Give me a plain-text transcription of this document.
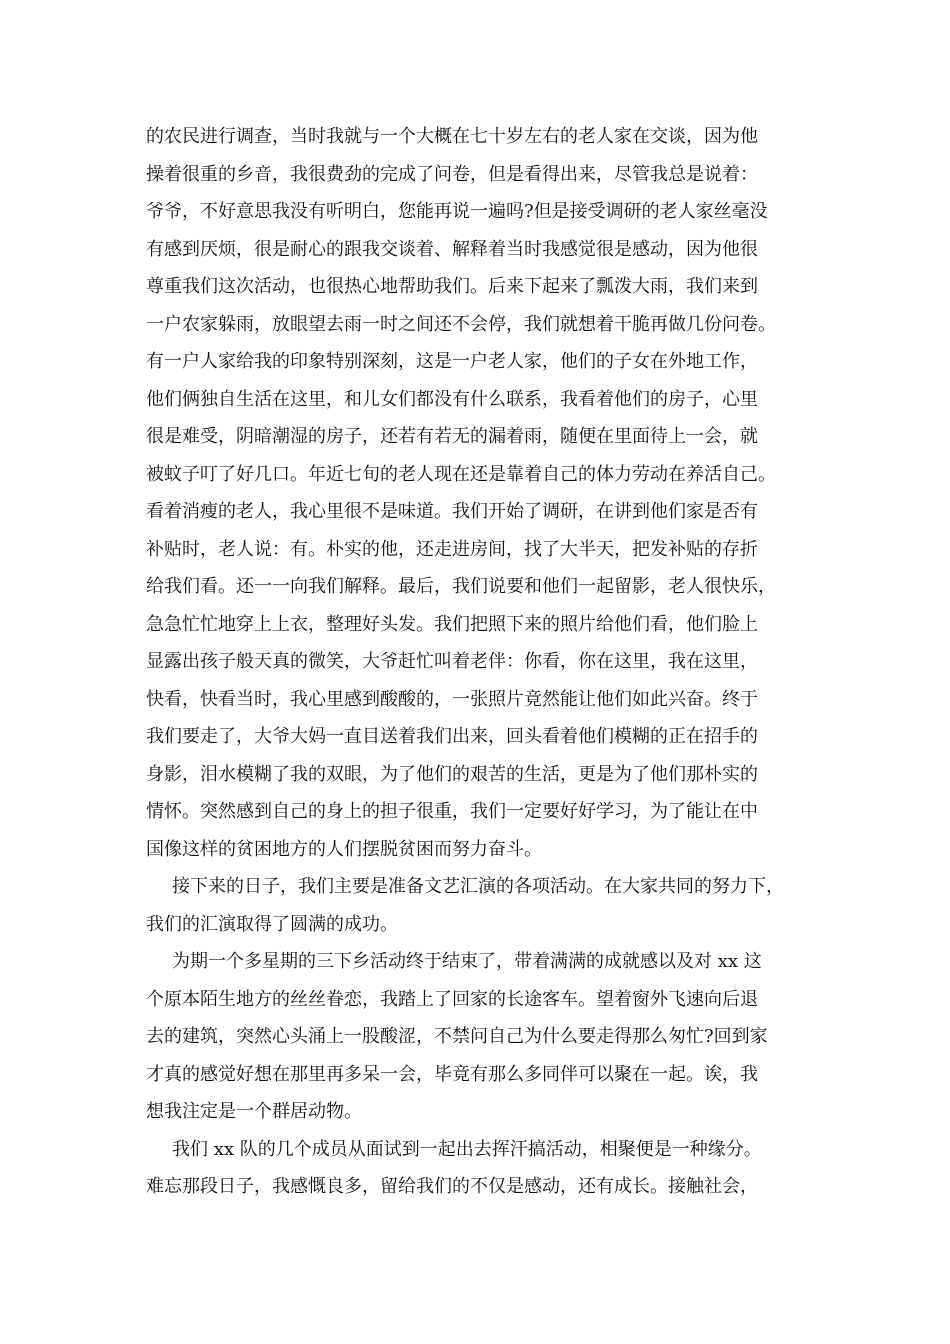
的农民进行调查，当时我就与一个大概在七十岁左右的老人家在交谈，因为他
操着很重的乡音，我很费劲的完成了问卷，但是看得出来，尽管我总是说着：
爷爷，不好意思我没有听明白，您能再说一遍吗?但是接受调研的老人家丝毫没
有感到厌烦，很是耐心的跟我交谈着、解释着当时我感觉很是感动，因为他很
尊重我们这次活动，也很热心地帮助我们。后来下起来了瓢泼大雨，我们来到
一户农家躲雨，放眼望去雨一时之间还不会停，我们就想着干脆再做几份问卷。
有一户人家给我的印象特别深刻，这是一户老人家，他们的子女在外地工作，
他们俩独自生活在这里，和儿女们都没有什么联系，我看着他们的房子，心里
很是难受，阴暗潮湿的房子，还若有若无的漏着雨，随便在里面待上一会，就
被蚊子叮了好几口。年近七旬的老人现在还是靠着自己的体力劳动在养活自己。
看着消瘦的老人，我心里很不是味道。我们开始了调研，在讲到他们家是否有
补贴时，老人说：有。朴实的他，还走进房间，找了大半天，把发补贴的存折
给我们看。还一一向我们解释。最后，我们说要和他们一起留影，老人很快乐，
急急忙忙地穿上上衣，整理好头发。我们把照下来的照片给他们看，他们脸上
显露出孩子般天真的微笑，大爷赶忙叫着老伴：你看，你在这里，我在这里，
快看，快看当时，我心里感到酸酸的，一张照片竟然能让他们如此兴奋。终于
我们要走了，大爷大妈一直目送着我们出来，回头看着他们模糊的正在招手的
身影，泪水模糊了我的双眼，为了他们的艰苦的生活，更是为了他们那朴实的
情怀。突然感到自己的身上的担子很重，我们一定要好好学习，为了能让在中
国像这样的贫困地方的人们摆脱贫困而努力奋斗。
接下来的日子，我们主要是准备文艺汇演的各项活动。在大家共同的努力下，
我们的汇演取得了圆满的成功。
为期一个多星期的三下乡活动终于结束了，带着满满的成就感以及对 xx 这
个原本陌生地方的丝丝眷恋，我踏上了回家的长途客车。望着窗外飞速向后退
去的建筑，突然心头涌上一股酸涩，不禁问自己为什么要走得那么匆忙?回到家
才真的感觉好想在那里再多呆一会，毕竟有那么多同伴可以聚在一起。诶，我
想我注定是一个群居动物。
我们 xx 队的几个成员从面试到一起出去挥汗搞活动，相聚便是一种缘分。
难忘那段日子，我感慨良多，留给我们的不仅是感动，还有成长。接触社会，
